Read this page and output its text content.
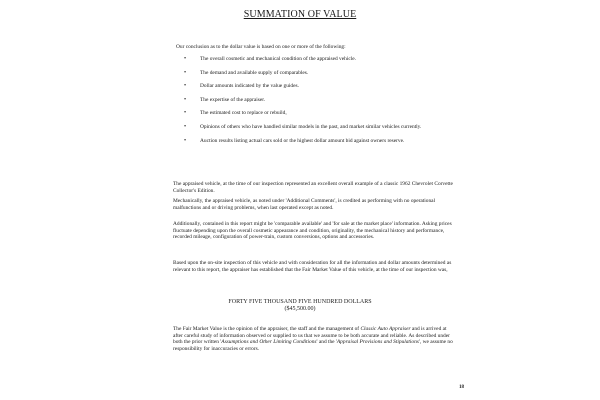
SUMMATION OF VALUE

Our conclusion as to the dollar value is based on one or more of the following:

• The overall cosmetic and mechanical condition of the appraised vehicle.
• The demand and available supply of comparables.
• Dollar amounts indicated by the value guides.
• The expertise of the appraiser.
• The estimated cost to replace or rebuild,
• Opinions of others who have handled similar models in the past, and market similar vehicles currently.
• Auction results listing actual cars sold or the highest dollar amount bid against owners reserve.

The appraised vehicle, at the time of our inspection represented an excellent overall example of a classic 1962 Chevrolet Corvette Collector's Edition.

Mechanically, the appraised vehicle, as noted under 'Additional Comments', is credited as performing with no operational malfunctions and or driving problems, when last operated except as noted.

Additionally, contained in this report might be 'comparable available' and 'for sale at the market place' information. Asking prices fluctuate depending upon the overall cosmetic appearance and condition, originality, the mechanical history and performance, recorded mileage, configuration of power-train, custom conversions, options and accessories.

Based upon the on-site inspection of this vehicle and with consideration for all the information and dollar amounts determined as relevant to this report, the appraiser has established that the Fair Market Value of this vehicle, at the time of our inspection was,

FORTY FIVE THOUSAND FIVE HUNDRED DOLLARS
($45,500.00)

The Fair Market Value is the opinion of the appraiser, the staff and the management of Classic Auto Appraiser and is arrived at after careful study of information observed or supplied to us that we assume to be both accurate and reliable. As described under both the prior written 'Assumptions and Other Limiting Conditions' and the 'Appraisal Provisions and Stipulations', we assume no responsibility for inaccuracies or errors.

18
